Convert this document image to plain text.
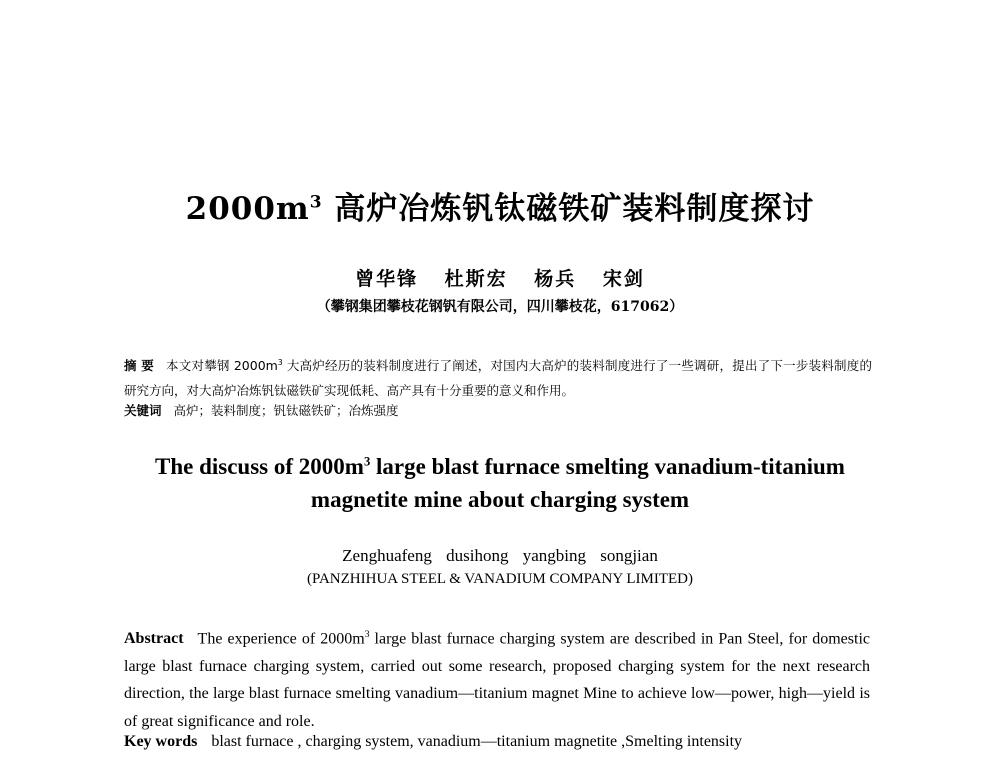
$2000m^3$ 高炉冶炼钒钛磁铁矿装料制度探讨
曾华锋 杜斯宏 杨兵 宋剑
（攀钢集团攀枝花钢钒有限公司，四川攀枝花，617062）
摘 要 本文对攀钢 $2000m^3$ 大高炉经历的装料制度进行了阐述，对国内大高炉的装料制度进行了一些调研，提出了下一步装料制度的研究方向，对大高炉冶炼钒钛磁铁矿实现低耗、高产具有十分重要的意义和作用。
关键词 高炉；装料制度；钒钛磁铁矿；冶炼强度
The discuss of $2000m^3$ large blast furnace smelting vanadium-titanium magnetite mine about charging system
Zenghuafeng dusihong yangbing songjian
(PANZHIHUA STEEL & VANADIUM COMPANY LIMITED)
Abstract The experience of $2000m^3$ large blast furnace charging system are described in Pan Steel, for domestic large blast furnace charging system, carried out some research, proposed charging system for the next research direction, the large blast furnace smelting vanadium—titanium magnet Mine to achieve low—power, high—yield is of great significance and role.
Key words blast furnace , charging system, vanadium—titanium magnetite ,Smelting intensity
